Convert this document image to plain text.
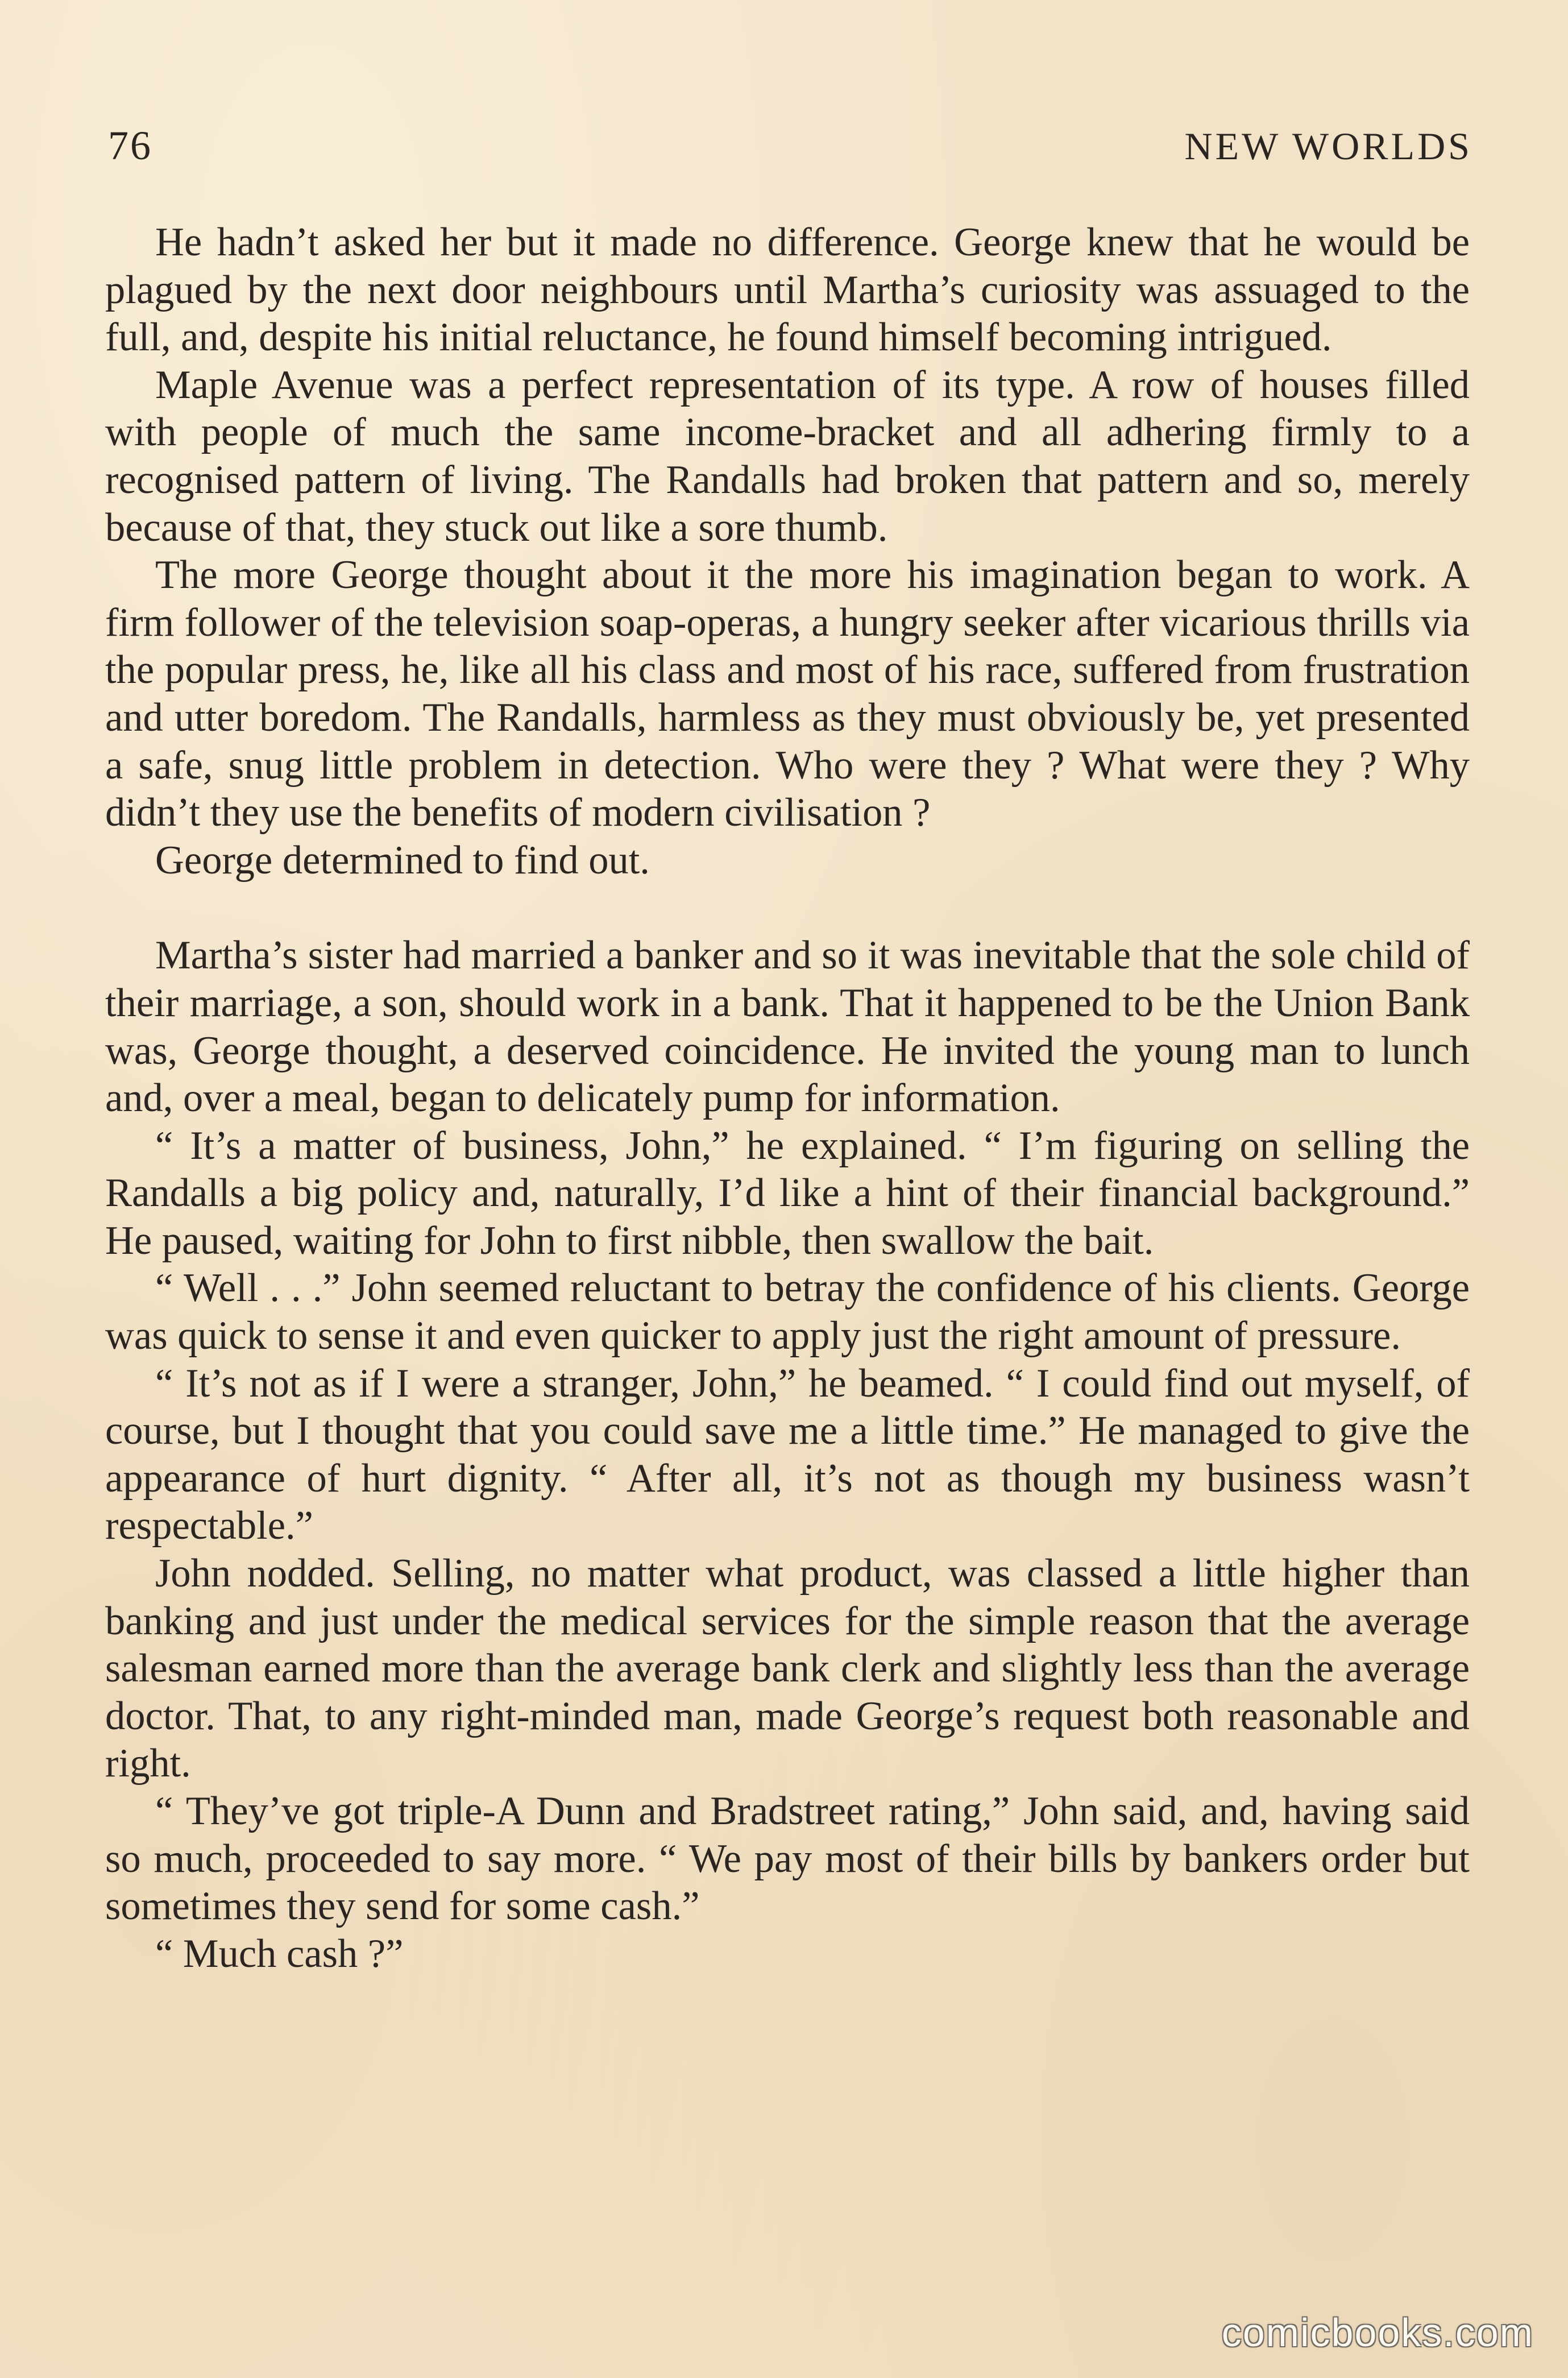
76	NEW WORLDS

He hadn’t asked her but it made no difference. George knew that he would be plagued by the next door neighbours until Martha’s curiosity was assuaged to the full, and, despite his initial reluctance, he found himself becoming intrigued.

Maple Avenue was a perfect representation of its type. A row of houses filled with people of much the same income-bracket and all adhering firmly to a recognised pattern of living. The Randalls had broken that pattern and so, merely because of that, they stuck out like a sore thumb.

The more George thought about it the more his imagination began to work. A firm follower of the television soap-operas, a hungry seeker after vicarious thrills via the popular press, he, like all his class and most of his race, suffered from frustration and utter boredom. The Randalls, harmless as they must obviously be, yet presented a safe, snug little problem in detection. Who were they ? What were they ? Why didn’t they use the benefits of modern civilisation ?

George determined to find out.

Martha’s sister had married a banker and so it was inevitable that the sole child of their marriage, a son, should work in a bank. That it happened to be the Union Bank was, George thought, a deserved coincidence. He invited the young man to lunch and, over a meal, began to delicately pump for information.

“ It’s a matter of business, John,” he explained. “ I’m figuring on selling the Randalls a big policy and, naturally, I’d like a hint of their financial background.” He paused, waiting for John to first nibble, then swallow the bait.

“ Well . . .” John seemed reluctant to betray the confidence of his clients. George was quick to sense it and even quicker to apply just the right amount of pressure.

“ It’s not as if I were a stranger, John,” he beamed. “ I could find out myself, of course, but I thought that you could save me a little time.” He managed to give the appearance of hurt dignity. “ After all, it’s not as though my business wasn’t respectable.”

John nodded. Selling, no matter what product, was classed a little higher than banking and just under the medical services for the simple reason that the average salesman earned more than the average bank clerk and slightly less than the average doctor. That, to any right-minded man, made George’s request both reasonable and right.

“ They’ve got triple-A Dunn and Bradstreet rating,” John said, and, having said so much, proceeded to say more. “ We pay most of their bills by bankers order but sometimes they send for some cash.”

“ Much cash ?”

comicbooks.com
